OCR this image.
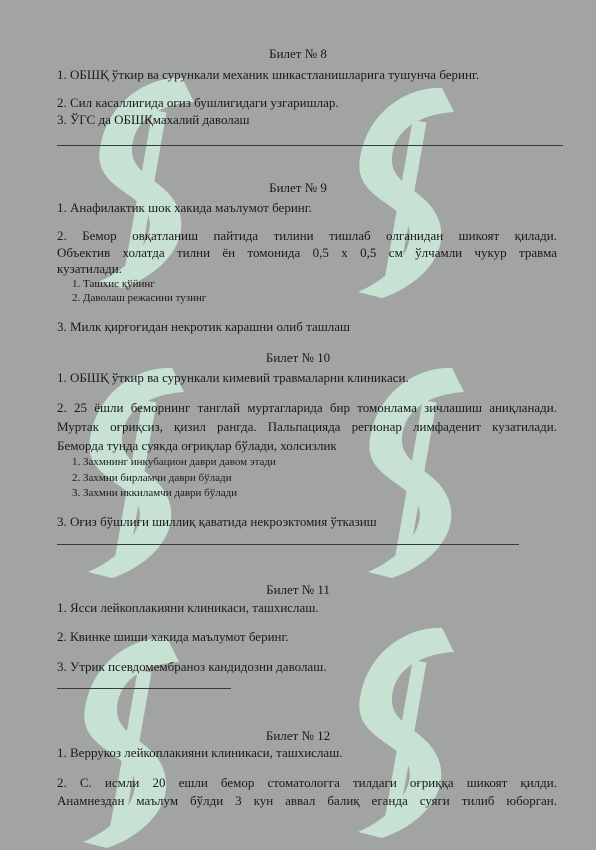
Билет № 8
1. ОБШҚ ўткир ва сурункали механик шикастланишларига тушунча беринг.
2. Сил касаллигида огиз бушлигидаги узгаришлар.
3. ЎГС да ОБШҚмахалий даволаш
Билет № 9
1. Анафилактик шок хакида маълумот беринг.
2. Бемор овқатланиш пайтида тилини тишлаб олганидан шикоят қилади.
Объектив холатда тилни ён томонида 0,5 х 0,5 см ўлчамли чукур травма
кузатилади.
1. Ташхис қўйинг
2. Даволаш режасини тузинг
3. Милк қирғоғидан некротик карашни олиб ташлаш
Билет № 10
1. ОБШҚ ўткир ва сурункали кимевий травмаларни клиникаси.
2. 25 ёшли беморнинг танглай муртагларида бир томонлама зичлашиш аниқланади.
Муртак оғриқсиз, қизил рангда. Пальпацияда регионар лимфаденит кузатилади.
Беморда тунда суякда оғриқлар бўлади, холсизлик
1. Захмнинг инкубацион даври давом этади
2. Захмни бирламчи даври бўлади
3. Захмни иккиламчи даври бўлади
3. Оғиз бўшлиғи шиллиқ қаватида некроэктомия ўтказиш
Билет № 11
1. Ясси лейкоплакияни клиникаси, ташхислаш.
2. Квинке шиши хакида маълумот беринг.
3. Утрик псевдомембраноз кандидозни даволаш.
Билет № 12
1. Веррукоз лейкоплакияни клиникаси, ташхислаш.
2. С. исмли 20 ешли бемор стоматологга тилдаги оғриққа шикоят қилди.
Анамнездан маълум бўлди 3 кун аввал балиқ еганда суяги тилиб юборган.
